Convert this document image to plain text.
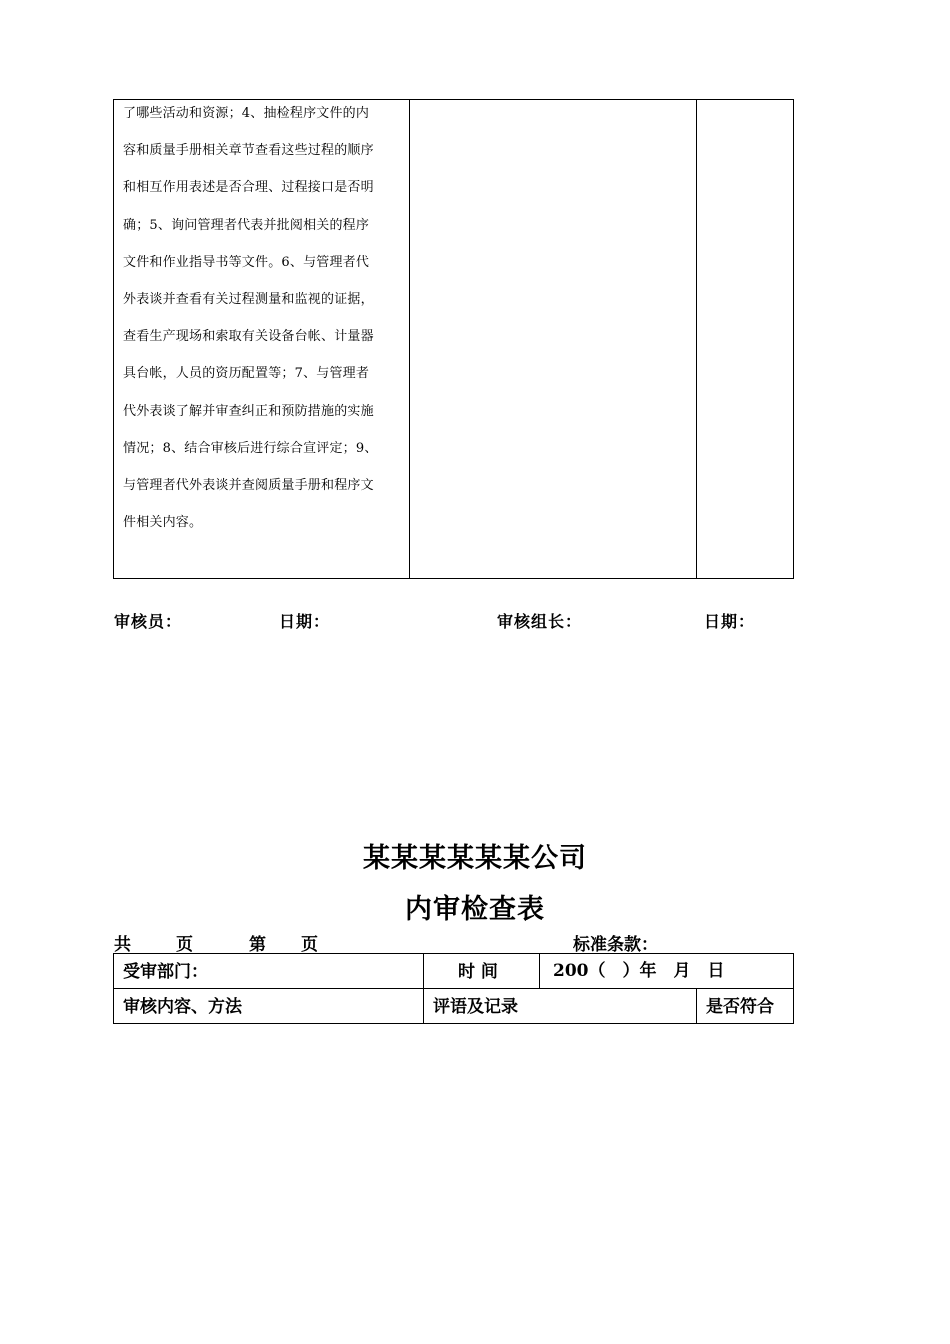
了哪些活动和资源；4、抽检程序文件的内

容和质量手册相关章节查看这些过程的顺序

和相互作用表述是否合理、过程接口是否明

确；5、询问管理者代表并批阅相关的程序

文件和作业指导书等文件。6、与管理者代

外表谈并查看有关过程测量和监视的证据，

查看生产现场和索取有关设备台帐、计量器

具台帐，人员的资历配置等；7、与管理者

代外表谈了解并审查纠正和预防措施的实施

情况；8、结合审核后进行综合宣评定；9、

与管理者代外表谈并查阅质量手册和程序文

件相关内容。

审核员：	日期：	审核组长：	日期：
某某某某某某公司
内审检查表
共	页	第 页	标准条款：
受审部门：	时 间	200（　）年　月　日
审核内容、方法	评语及记录	是否符合
